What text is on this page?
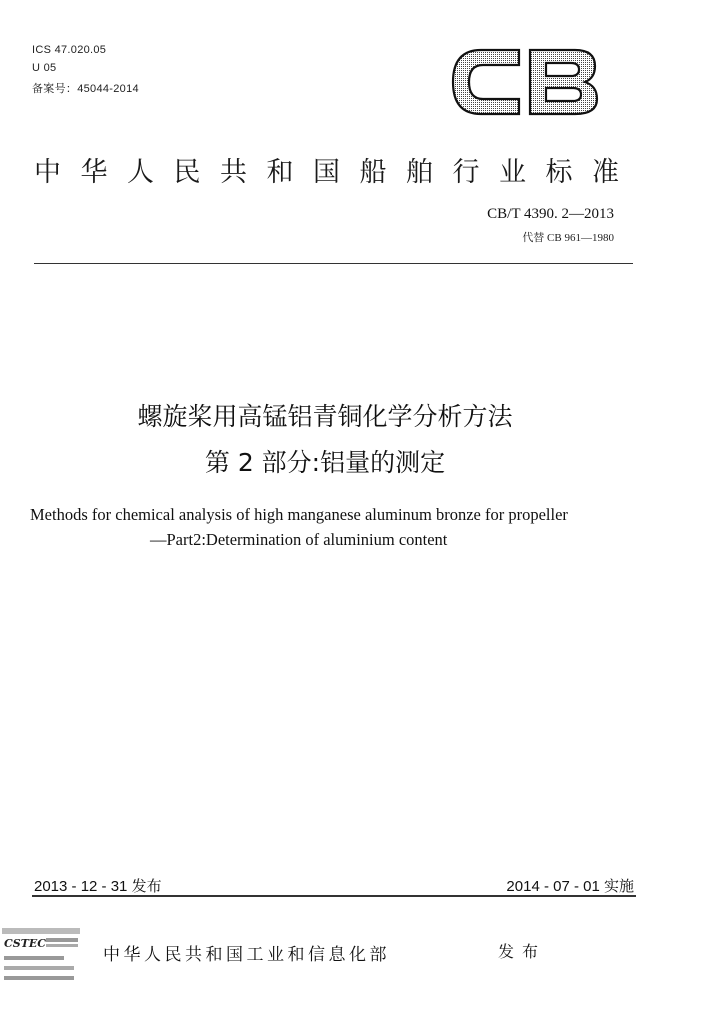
ICS 47.020.05
U 05
备案号：45044-2014
中华人民共和国船舶行业标准
CB/T 4390. 2—2013
代替 CB 961—1980
螺旋桨用高锰铝青铜化学分析方法
第 2 部分:铝量的测定
Methods for chemical analysis of high manganese aluminum bronze for propeller
—Part2:Determination of aluminium content
2013 - 12 - 31 发布	2014 - 07 - 01 实施
CSTEC
中华人民共和国工业和信息化部	发布
